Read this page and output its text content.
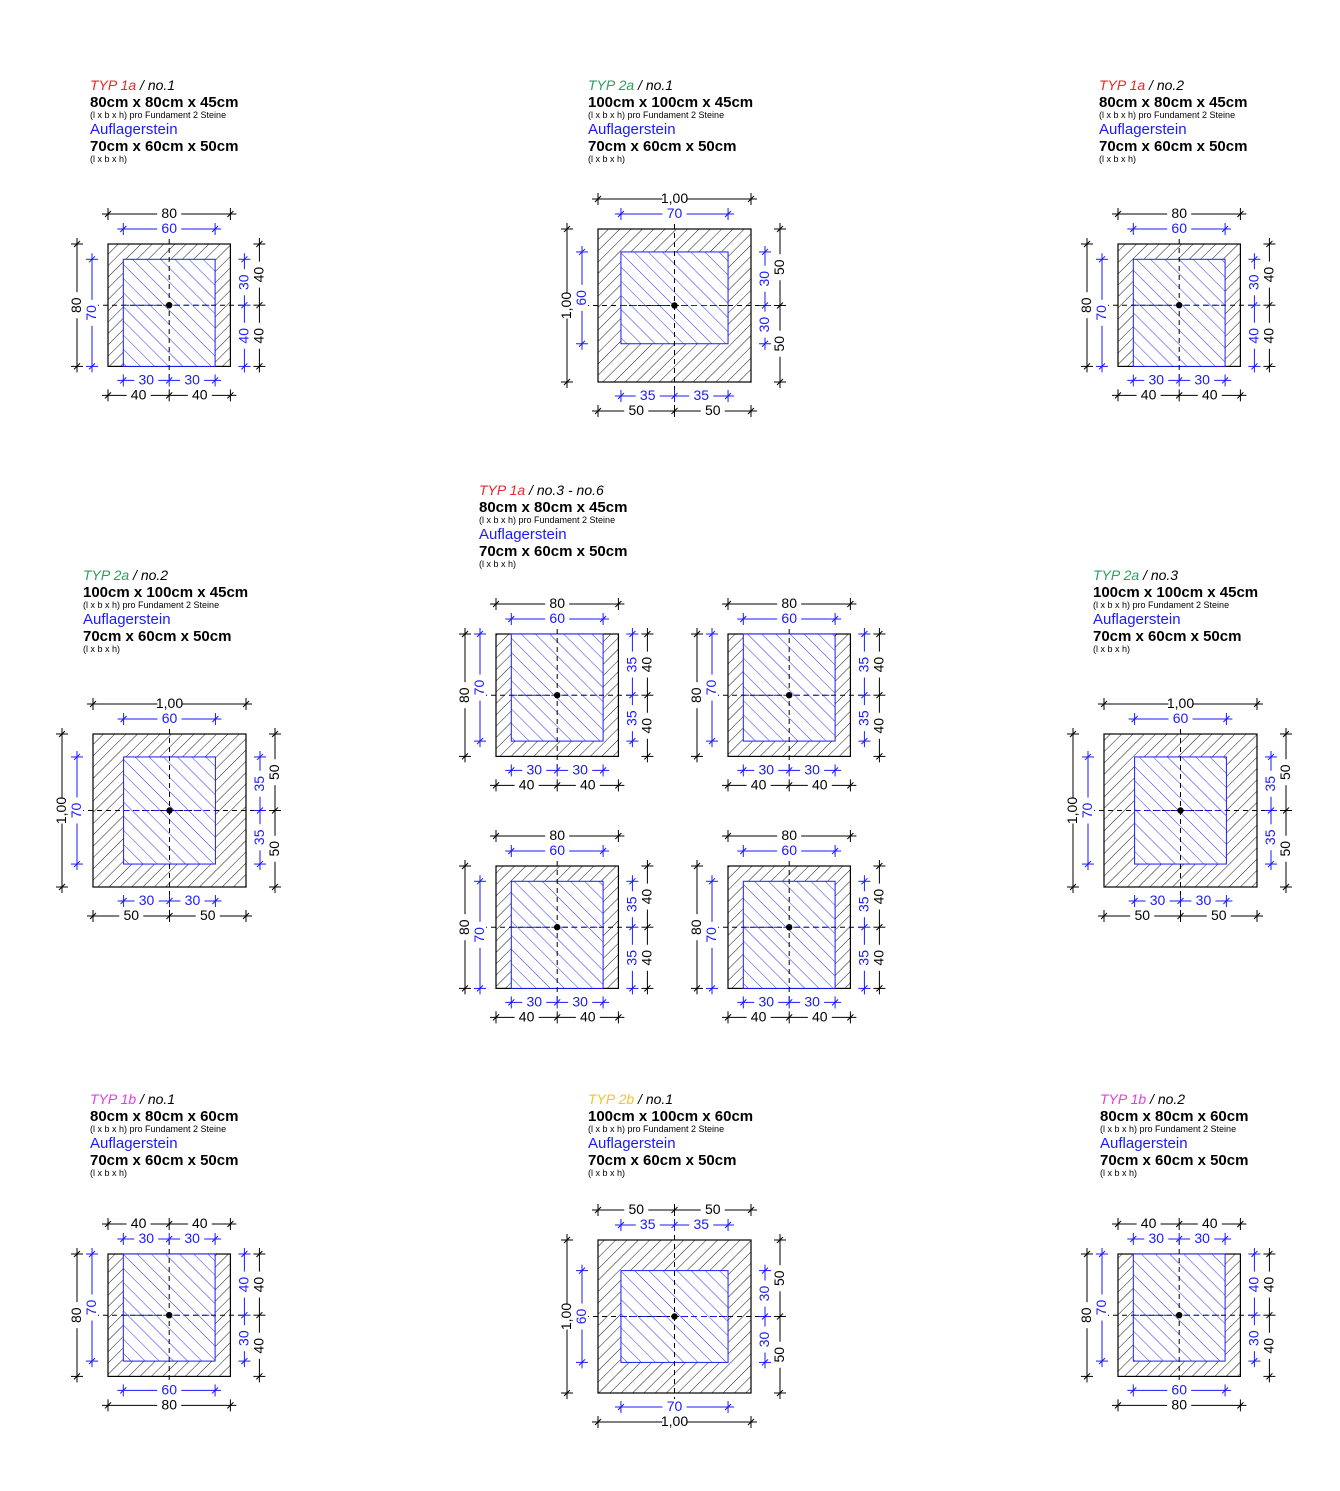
TYP 1a / no.1
80cm x 80cm x 45cm
(l x b x h) pro Fundament 2 Steine
Auflagerstein
70cm x 60cm x 50cm
(l x b x h)
TYP 2a / no.1
100cm x 100cm x 45cm
(l x b x h) pro Fundament 2 Steine
Auflagerstein
70cm x 60cm x 50cm
(l x b x h)
TYP 1a / no.2
80cm x 80cm x 45cm
(l x b x h) pro Fundament 2 Steine
Auflagerstein
70cm x 60cm x 50cm
(l x b x h)
TYP 1a / no.3 - no.6
80cm x 80cm x 45cm
(l x b x h) pro Fundament 2 Steine
Auflagerstein
70cm x 60cm x 50cm
(l x b x h)
TYP 2a / no.2
100cm x 100cm x 45cm
(l x b x h) pro Fundament 2 Steine
Auflagerstein
70cm x 60cm x 50cm
(l x b x h)
TYP 2a / no.3
100cm x 100cm x 45cm
(l x b x h) pro Fundament 2 Steine
Auflagerstein
70cm x 60cm x 50cm
(l x b x h)
TYP 1b / no.1
80cm x 80cm x 60cm
(l x b x h) pro Fundament 2 Steine
Auflagerstein
70cm x 60cm x 50cm
(l x b x h)
TYP 2b / no.1
100cm x 100cm x 60cm
(l x b x h) pro Fundament 2 Steine
Auflagerstein
70cm x 60cm x 50cm
(l x b x h)
TYP 1b / no.2
80cm x 80cm x 60cm
(l x b x h) pro Fundament 2 Steine
Auflagerstein
70cm x 60cm x 50cm
(l x b x h)
80
60
30 30
40	40
80 70
30
40
40
40
1,00
70
35	35
50	50
1,00 60
30
30
50
50
80
60
30 30
40	40
80 70
30
40
40
40
80
60
30 30
40	40
80 70
35
35
40
40
80
60
30 30
40	40
80 70
35
35
40
40
80
60
30 30
40	40
80 70
35
35
40
40
80
60
30 30
40	40
80 70
35
35
40
40
1,00
60
30 30
50	50
1,00 70
35
35
50
50
1,00
60
30 30
50	50
1,00 70
35
35
50
50
40	40
30 30
60
80
80 70
40
30
40
40
50	50
35	35
70
1,00
1,00 60
30
30
50
50
40	40
30 30
60
80
80 70
40
30
40
40
